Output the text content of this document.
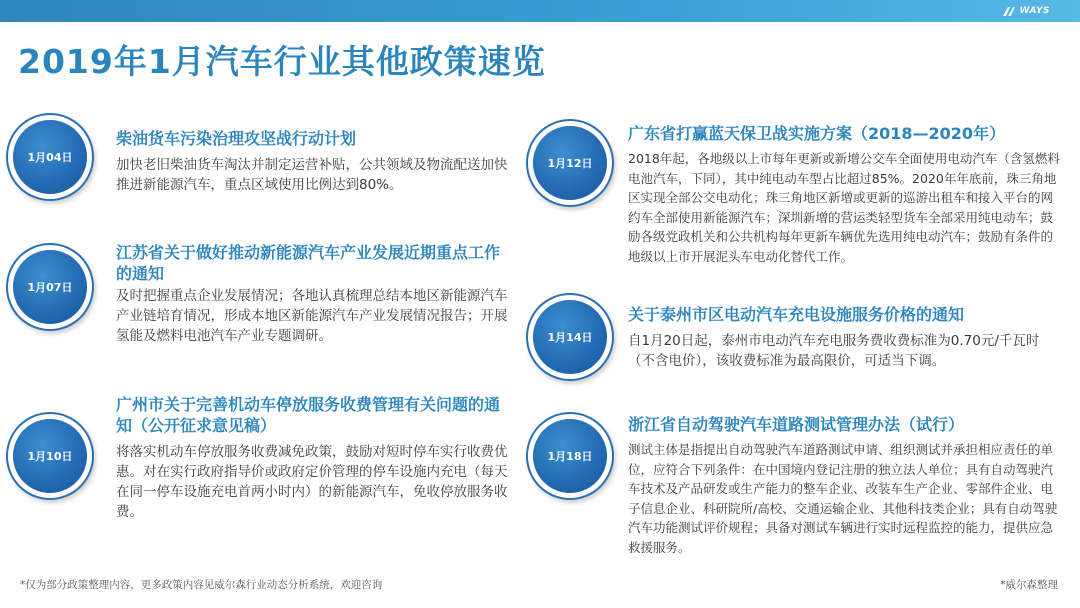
WAYS
2019年1月汽车行业其他政策速览
1月04日
柴油货车污染治理攻坚战行动计划
加快老旧柴油货车淘汰并制定运营补贴，公共领域及物流配送加快推进新能源汽车，重点区域使用比例达到80%。
1月07日
江苏省关于做好推动新能源汽车产业发展近期重点工作的通知
及时把握重点企业发展情况；各地认真梳理总结本地区新能源汽车产业链培育情况，形成本地区新能源汽车产业发展情况报告；开展氢能及燃料电池汽车产业专题调研。
1月10日
广州市关于完善机动车停放服务收费管理有关问题的通知（公开征求意见稿）
将落实机动车停放服务收费减免政策，鼓励对短时停车实行收费优惠。对在实行政府指导价或政府定价管理的停车设施内充电（每天在同一停车设施充电首两小时内）的新能源汽车，免收停放服务收费。
1月12日
广东省打赢蓝天保卫战实施方案（2018—2020年）
2018年起，各地级以上市每年更新或新增公交车全面使用电动汽车（含氢燃料电池汽车，下同），其中纯电动车型占比超过85%。2020年年底前，珠三角地区实现全部公交电动化；珠三角地区新增或更新的巡游出租车和接入平台的网约车全部使用新能源汽车；深圳新增的营运类轻型货车全部采用纯电动车；鼓励各级党政机关和公共机构每年更新车辆优先选用纯电动汽车；鼓励有条件的地级以上市开展泥头车电动化替代工作。
1月14日
关于泰州市区电动汽车充电设施服务价格的通知
自1月20日起，泰州市电动汽车充电服务费收费标准为0.70元/千瓦时（不含电价），该收费标准为最高限价，可适当下调。
1月18日
浙江省自动驾驶汽车道路测试管理办法（试行）
测试主体是指提出自动驾驶汽车道路测试申请、组织测试并承担相应责任的单位，应符合下列条件：在中国境内登记注册的独立法人单位；具有自动驾驶汽车技术及产品研发或生产能力的整车企业、改装车生产企业、零部件企业、电子信息企业、科研院所/高校、交通运输企业、其他科技类企业；具有自动驾驶汽车功能测试评价规程；具备对测试车辆进行实时远程监控的能力，提供应急救援服务。
*仅为部分政策整理内容，更多政策内容见威尔森行业动态分析系统，欢迎咨询	*威尔森整理
